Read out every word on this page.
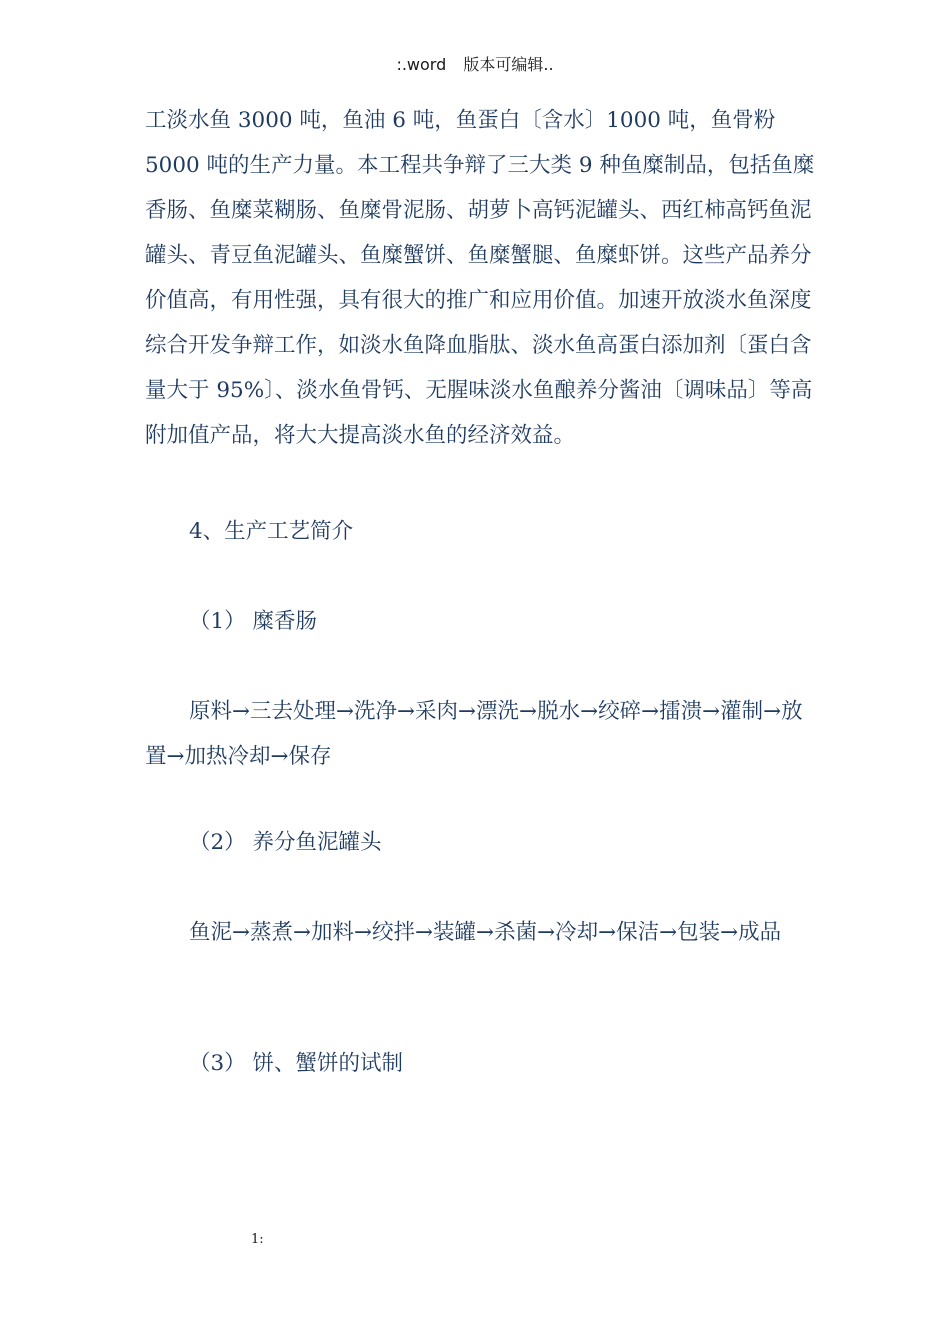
:.word 版本可编辑..

工淡水鱼 3000 吨，鱼油 6 吨，鱼蛋白〔含水〕1000 吨，鱼骨粉 5000 吨的生产力量。本工程共争辩了三大类 9 种鱼糜制品，包括鱼糜香肠、鱼糜菜糊肠、鱼糜骨泥肠、胡萝卜高钙泥罐头、西红柿高钙鱼泥罐头、青豆鱼泥罐头、鱼糜蟹饼、鱼糜蟹腿、鱼糜虾饼。这些产品养分价值高，有用性强，具有很大的推广和应用价值。加速开放淡水鱼深度综合开发争辩工作，如淡水鱼降血脂肽、淡水鱼高蛋白添加剂〔蛋白含量大于 95%〕、淡水鱼骨钙、无腥味淡水鱼酿养分酱油〔调味品〕等高附加值产品，将大大提高淡水鱼的经济效益。

4、生产工艺简介

（1） 糜香肠

原料→三去处理→洗净→采肉→漂洗→脱水→绞碎→擂溃→灌制→放置→加热冷却→保存

（2） 养分鱼泥罐头

鱼泥→蒸煮→加料→绞拌→装罐→杀菌→冷却→保洁→包装→成品

（3） 饼、蟹饼的试制

1:
